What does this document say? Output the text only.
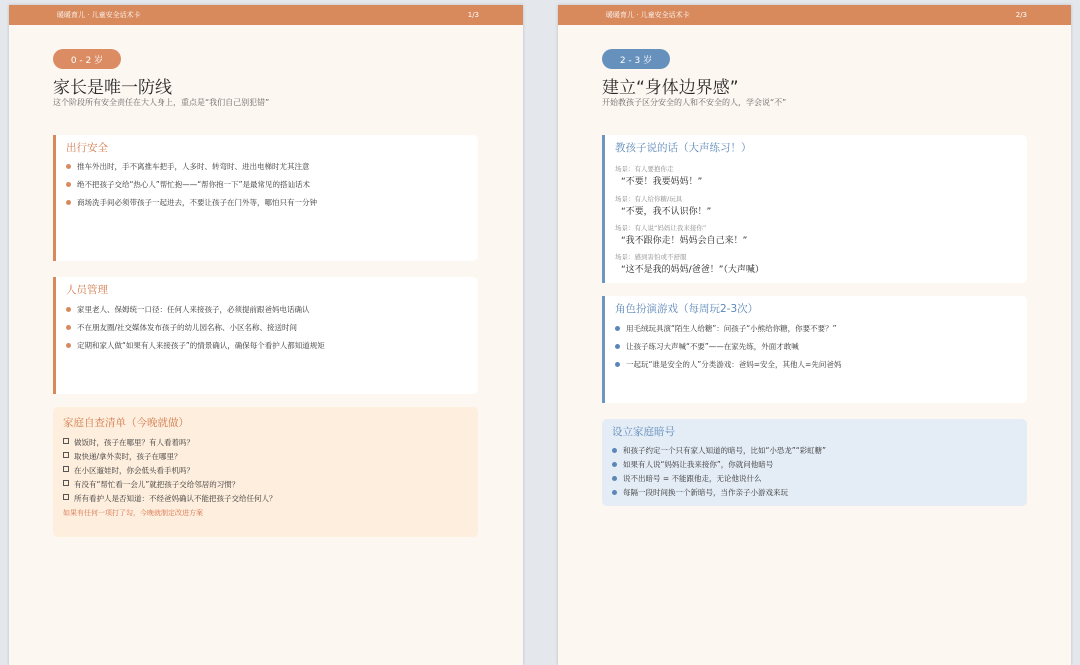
暖暖育儿 · 儿童安全话术卡	1/3
0 - 2 岁
家长是唯一防线
这个阶段所有安全责任在大人身上，重点是“我们自己别犯错”
出行安全
推车外出时，手不离推车把手，人多时、转弯时、进出电梯时尤其注意
绝不把孩子交给“热心人”帮忙抱——“帮你抱一下”是最常见的搭讪话术
商场洗手间必须带孩子一起进去，不要让孩子在门外等，哪怕只有一分钟
人员管理
家里老人、保姆统一口径：任何人来接孩子，必须提前跟爸妈电话确认
不在朋友圈/社交媒体发布孩子的幼儿园名称、小区名称、接送时间
定期和家人做“如果有人来接孩子”的情景确认，确保每个看护人都知道规矩
家庭自查清单（今晚就做）
做饭时，孩子在哪里？有人看着吗？
取快递/拿外卖时，孩子在哪里？
在小区遛娃时，你会低头看手机吗？
有没有“帮忙看一会儿”就把孩子交给邻居的习惯？
所有看护人是否知道：不经爸妈确认不能把孩子交给任何人？
如果有任何一项打了勾，今晚就制定改进方案
暖暖育儿 · 儿童安全话术卡	2/3
2 - 3 岁
建立“身体边界感”
开始教孩子区分安全的人和不安全的人，学会说“不”
教孩子说的话（大声练习！）
场景：有人要抱你走
“不要！我要妈妈！”
场景：有人给你糖/玩具
“不要，我不认识你！”
场景：有人说“妈妈让我来接你”
“我不跟你走！妈妈会自己来！”
场景：感到害怕或不舒服
“这不是我的妈妈/爸爸！”（大声喊）
角色扮演游戏（每周玩2-3次）
用毛绒玩具演“陌生人给糖”：问孩子“小熊给你糖，你要不要？”
让孩子练习大声喊“不要”——在家先练，外面才敢喊
一起玩“谁是安全的人”分类游戏：爸妈=安全，其他人=先问爸妈
设立家庭暗号
和孩子约定一个只有家人知道的暗号，比如“小恐龙”“彩虹糖”
如果有人说“妈妈让我来接你”，你就问他暗号
说不出暗号 = 不能跟他走，无论他说什么
每隔一段时间换一个新暗号，当作亲子小游戏来玩
